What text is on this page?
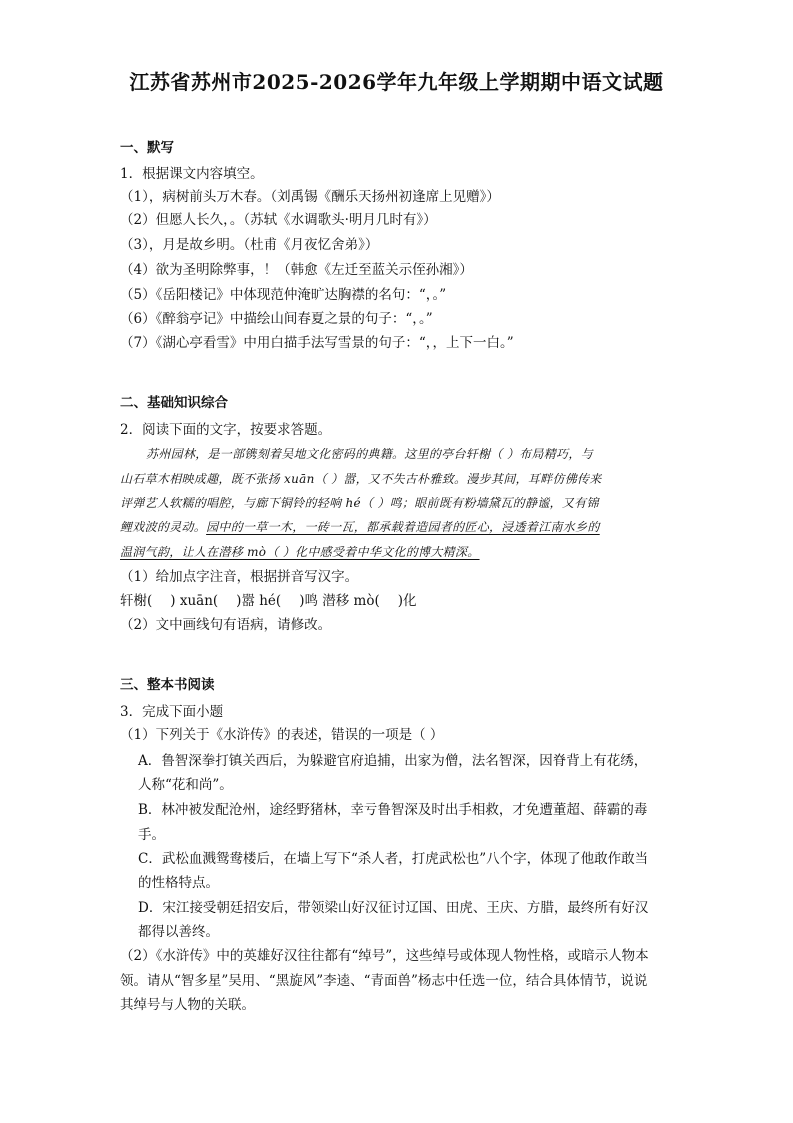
江苏省苏州市2025-2026学年九年级上学期期中语文试题
一、默写
1．根据课文内容填空。
（1），病树前头万木春。（刘禹锡《酬乐天扬州初逢席上见赠》）
（2）但愿人长久，。（苏轼《水调歌头·明月几时有》）
（3），月是故乡明。（杜甫《月夜忆舍弟》）
（4）欲为圣明除弊事，！（韩愈《左迁至蓝关示侄孙湘》）
（5）《岳阳楼记》中体现范仲淹旷达胸襟的名句：“，。”
（6）《醉翁亭记》中描绘山间春夏之景的句子：“，。”
（7）《湖心亭看雪》中用白描手法写雪景的句子：“，，上下一白。”
二、基础知识综合
2．阅读下面的文字，按要求答题。
苏州园林，是一部镌刻着吴地文化密码的典籍。这里的亭台轩榭（ ）布局精巧，与
山石草木相映成趣，既不张扬 xuān（ ）嚣，又不失古朴雅致。漫步其间，耳畔仿佛传来
评弹艺人软糯的唱腔，与廊下铜铃的轻响 hé（ ）鸣；眼前既有粉墙黛瓦的静谧，又有锦
鲤戏波的灵动。园中的一草一木，一砖一瓦，都承载着造园者的匠心，浸透着江南水乡的
温润气韵，让人在潜移 mò（ ）化中感受着中华文化的博大精深。
（1）给加点字注音，根据拼音写汉字。
轩榭( ) xuān( )嚣 hé( )鸣 潜移 mò( )化
（2）文中画线句有语病，请修改。
三、整本书阅读
3．完成下面小题
（1）下列关于《水浒传》的表述，错误的一项是（ ）
A．鲁智深拳打镇关西后，为躲避官府追捕，出家为僧，法名智深，因脊背上有花绣，
人称“花和尚”。
B．林冲被发配沧州，途经野猪林，幸亏鲁智深及时出手相救，才免遭董超、薛霸的毒
手。
C．武松血溅鸳鸯楼后，在墙上写下“杀人者，打虎武松也”八个字，体现了他敢作敢当
的性格特点。
D．宋江接受朝廷招安后，带领梁山好汉征讨辽国、田虎、王庆、方腊，最终所有好汉
都得以善终。
（2）《水浒传》中的英雄好汉往往都有“绰号”，这些绰号或体现人物性格，或暗示人物本
领。请从“智多星”吴用、“黑旋风”李逵、“青面兽”杨志中任选一位，结合具体情节，说说
其绰号与人物的关联。
